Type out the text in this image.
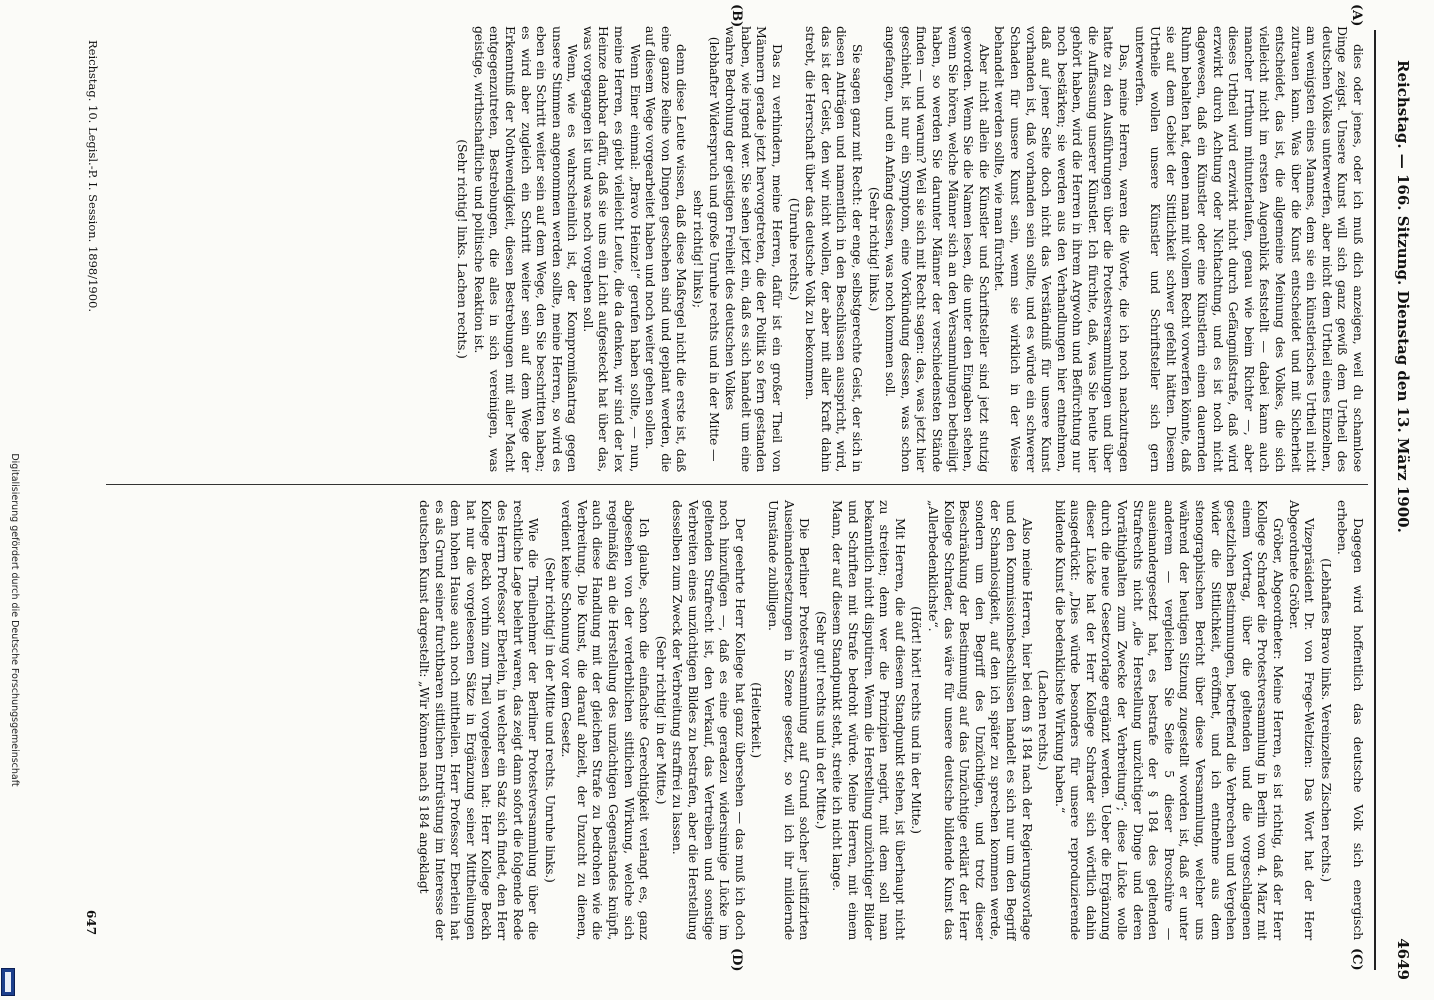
Reichstag. — 166. Sitzung. Dienstag den 13. März 1900.
4649
(A)
(B)
(C)
(D)

dies oder jenes, oder ich muß dich anzeigen, weil du schamlose Dinge zeigst. Unsere Kunst will sich ganz gewiß dem Urtheil des deutschen Volkes unterwerfen, aber nicht dem Urtheil eines Einzelnen, am wenigsten eines Mannes, dem sie ein künstlerisches Urtheil nicht zutrauen kann. Was über die Kunst entscheidet und mit Sicherheit entscheidet, das ist, die allgemeine Meinung des Volkes, die sich vielleicht nicht im ersten Augenblick feststellt — dabei kann auch mancher Irrthum mitunterlaufen, genau wie beim Richter —, aber dieses Urtheil wird erzwirkt nicht durch Gefängnißstrafe, daß wird erzwirkt durch Achtung oder Nichtachtung, und es ist noch nicht dagewesen, daß ein Künstler oder eine Künstlerin einen dauernden Ruhm behalten hat, denen man mit vollem Recht vorwerfen könnte, daß sie auf dem Gebiet der Sittlichkeit schwer gefehlt hätten. Diesem Urtheile wollen unsere Künstler und Schriftsteller sich gern unterwerfen.

Das, meine Herren, waren die Worte, die ich noch nachzutragen hatte zu den Ausführungen über die Protestversammlungen und über die Auffassung unserer Künstler. Ich fürchte, daß, was Sie heute hier gehört haben, wird die Herren in ihrem Argwohn und Befürchtung nur noch bestärken; sie werden aus den Verhandlungen hier entnehmen, daß auf jener Seite doch nicht das Verständniß für unsere Kunst vorhanden ist, daß vorhanden sein sollte, und es würde ein schwerer Schaden für unsere Kunst sein, wenn sie wirklich in der Weise behandelt werden sollte, wie man fürchtet.

Aber nicht allein die Künstler und Schriftsteller sind jetzt stutzig geworden. Wenn Sie die Namen lesen, die unter den Eingaben stehen, wenn Sie hören, welche Männer sich an den Versammlungen betheiligt haben, so werden Sie darunter Männer der verschiedensten Stände finden — und warum? Weil sie sich mit Recht sagen: das, was jetzt hier geschieht, ist nur ein Symptom, eine Vorkündung dessen, was schon angefangen, und ein Anfang dessen, was noch kommen soll.

(Sehr richtig! links.)

Sie sagen ganz mit Recht: der enge, selbstgerechte Geist, der sich in diesen Anträgen und namentlich in den Beschlüssen ausspricht, wird, das ist der Geist, den wir nicht wollen, der aber mit aller Kraft dahin strebt, die Herrschaft über das deutsche Volk zu bekommen.

(Unruhe rechts.)

Das zu verhindern, meine Herren, dafür ist ein großer Theil von Männern gerade jetzt hervorgetreten, die der Politik so fern gestanden haben, wie irgend wer. Sie sehen jetzt ein, daß es sich handelt um eine wahre Bedrohung der geistigen Freiheit des deutschen Volkes

(lebhafter Widerspruch und große Unruhe rechts und in der Mitte — sehr richtig! links);

denn diese Leute wissen, daß diese Maßregel nicht die erste ist, daß eine ganze Reihe von Dingen geschehen sind und geplant werden, die auf diesem Wege vorgearbeitet haben und noch weiter gehen sollen.

Wenn Einer einmal: „Bravo Heinze!“ gerufen haben sollte, — nun, meine Herren, es giebt vielleicht Leute, die da denken, wir sind der lex Heinze dankbar dafür, daß sie uns ein Licht aufgesteckt hat über das, was vorgegangen ist und was noch vorgehen soll.

Wenn, wie es wahrscheinlich ist, der Kompromißantrag gegen unsere Stimmen angenommen werden sollte, meine Herren, so wird es eben ein Schritt weiter sein auf dem Wege, den Sie beschritten haben; es wird aber zugleich ein Schritt weiter sein auf dem Wege der Erkenntniß der Nothwendigkeit, diesen Bestrebungen mit aller Macht entgegenzutreten, Bestrebungen, die alles in sich vereinigen, was geistige, wirthschaftliche und politische Reaktion ist.

(Sehr richtig! links. Lachen rechts.)

Dagegen wird hoffentlich das deutsche Volk sich energisch erheben.

(Lebhaftes Bravo links. Vereinzeltes Zischen rechts.)

Vizepräsident Dr. von Frege-Weltzien: Das Wort hat der Herr Abgeordnete Gröber.

Gröber, Abgeordneter: Meine Herren, es ist richtig, daß der Herr Kollege Schrader die Protestversammlung in Berlin vom 4. März mit einem Vortrag, über die geltenden und die vorgeschlagenen gesetzlichen Bestimmungen, betreffend die Verbrechen und Vergehen wider die Sittlichkeit, eröffnet, und ich entnehme aus dem stenographischen Bericht über diese Versammlung, welcher uns während der heutigen Sitzung zugestellt worden ist, daß er unter anderem — vergleichen Sie Seite 5 dieser Broschüre — auseinandergesetzt hat, es bestrafe der § 184 des geltenden Strafrechts nicht „die Herstellung unzüchtiger Dinge und deren Vorräthighalten zum Zwecke der Verbreitung“; diese Lücke wolle durch die neue Gesetzvorlage ergänzt werden. Ueber die Ergänzung dieser Lücke hat der Herr Kollege Schrader sich wörtlich dahin ausgedrückt: „Dies würde besonders für unsere reproduzierende bildende Kunst die bedenklichste Wirkung haben.“

(Lachen rechts.)

Also meine Herren, hier bei dem § 184 nach der Regierungsvorlage und den Kommissionsbeschlüssen handelt es sich nur um den Begriff der Schamlosigkeit, auf den ich später zu sprechen kommen werde, sondern um den Begriff des Unzüchtigen, und trotz dieser Beschränkung der Bestimmung auf das Unzüchtige erklärt der Herr Kollege Schrader, das wäre für unsere deutsche bildende Kunst das „Allerbedenklichste“.

(Hört! hört! rechts und in der Mitte.)

Mit Herren, die auf diesem Standpunkt stehen, ist überhaupt nicht zu streiten; denn wer die Prinzipien negirt, mit dem soll man bekanntlich nicht disputiren. Wenn die Herstellung unzüchtiger Bilder und Schriften mit Strafe bedroht würde. Meine Herren, mit einem Mann, der auf diesem Standpunkt steht, streite ich nicht lange.

(Sehr gut! rechts und in der Mitte.)

Die Berliner Protestversammlung auf Grund solcher justifizirten Auseinandersetzungen in Szene gesetzt, so will ich ihr mildernde Umstände zubilligen.

(Heiterkeit.)

Der geehrte Herr Kollege hat ganz übersehen — das muß ich doch noch hinzufügen —, daß es eine geradezu widersinnige Lücke im geltenden Strafrecht ist, den Verkauf, das Vertreiben und sonstige Verbreiten eines unzüchtigen Bildes zu bestrafen, aber die Herstellung desselben zum Zweck der Verbreitung straffrei zu lassen.

(Sehr richtig! in der Mitte.)

Ich glaube, schon die einfachste Gerechtigkeit verlangt es, ganz abgesehen von der verderblichen sittlichen Wirkung, welche sich regelmäßig an die Herstellung des unzüchtigen Gegenstandes knüpft, auch diese Handlung mit der gleichen Strafe zu bedrohen wie die Verbreitung. Die Kunst, die darauf abzielt, der Unzucht zu dienen, verdient keine Schonung vor dem Gesetz.

(Sehr richtig! in der Mitte und rechts. Unruhe links.)

Wie die Theilnehmer der Berliner Protestversammlung über die rechtliche Lage belehrt waren, das zeigt dann sofort die folgende Rede des Herrn Professor Eberlein, in welcher ein Satz sich findet, den Herr Kollege Beckh vorhin zum Theil vorgelesen hat: Herr Kollege Beckh hat nur die vorgelesenen Sätze in Ergänzung seiner Mittheilungen dem hohen Hause auch noch mittheilen. Herr Professor Eberlein hat es als Grund seiner furchtbaren sittlichen Entrüstung im Interesse der deutschen Kunst dargestellt: „Wir können nach § 184 angeklagt

Reichstag. 10. Legisl.-P. I. Session. 1898/1900.
647
Digitalisierung gefördert durch die Deutsche Forschungsgemeinschaft
